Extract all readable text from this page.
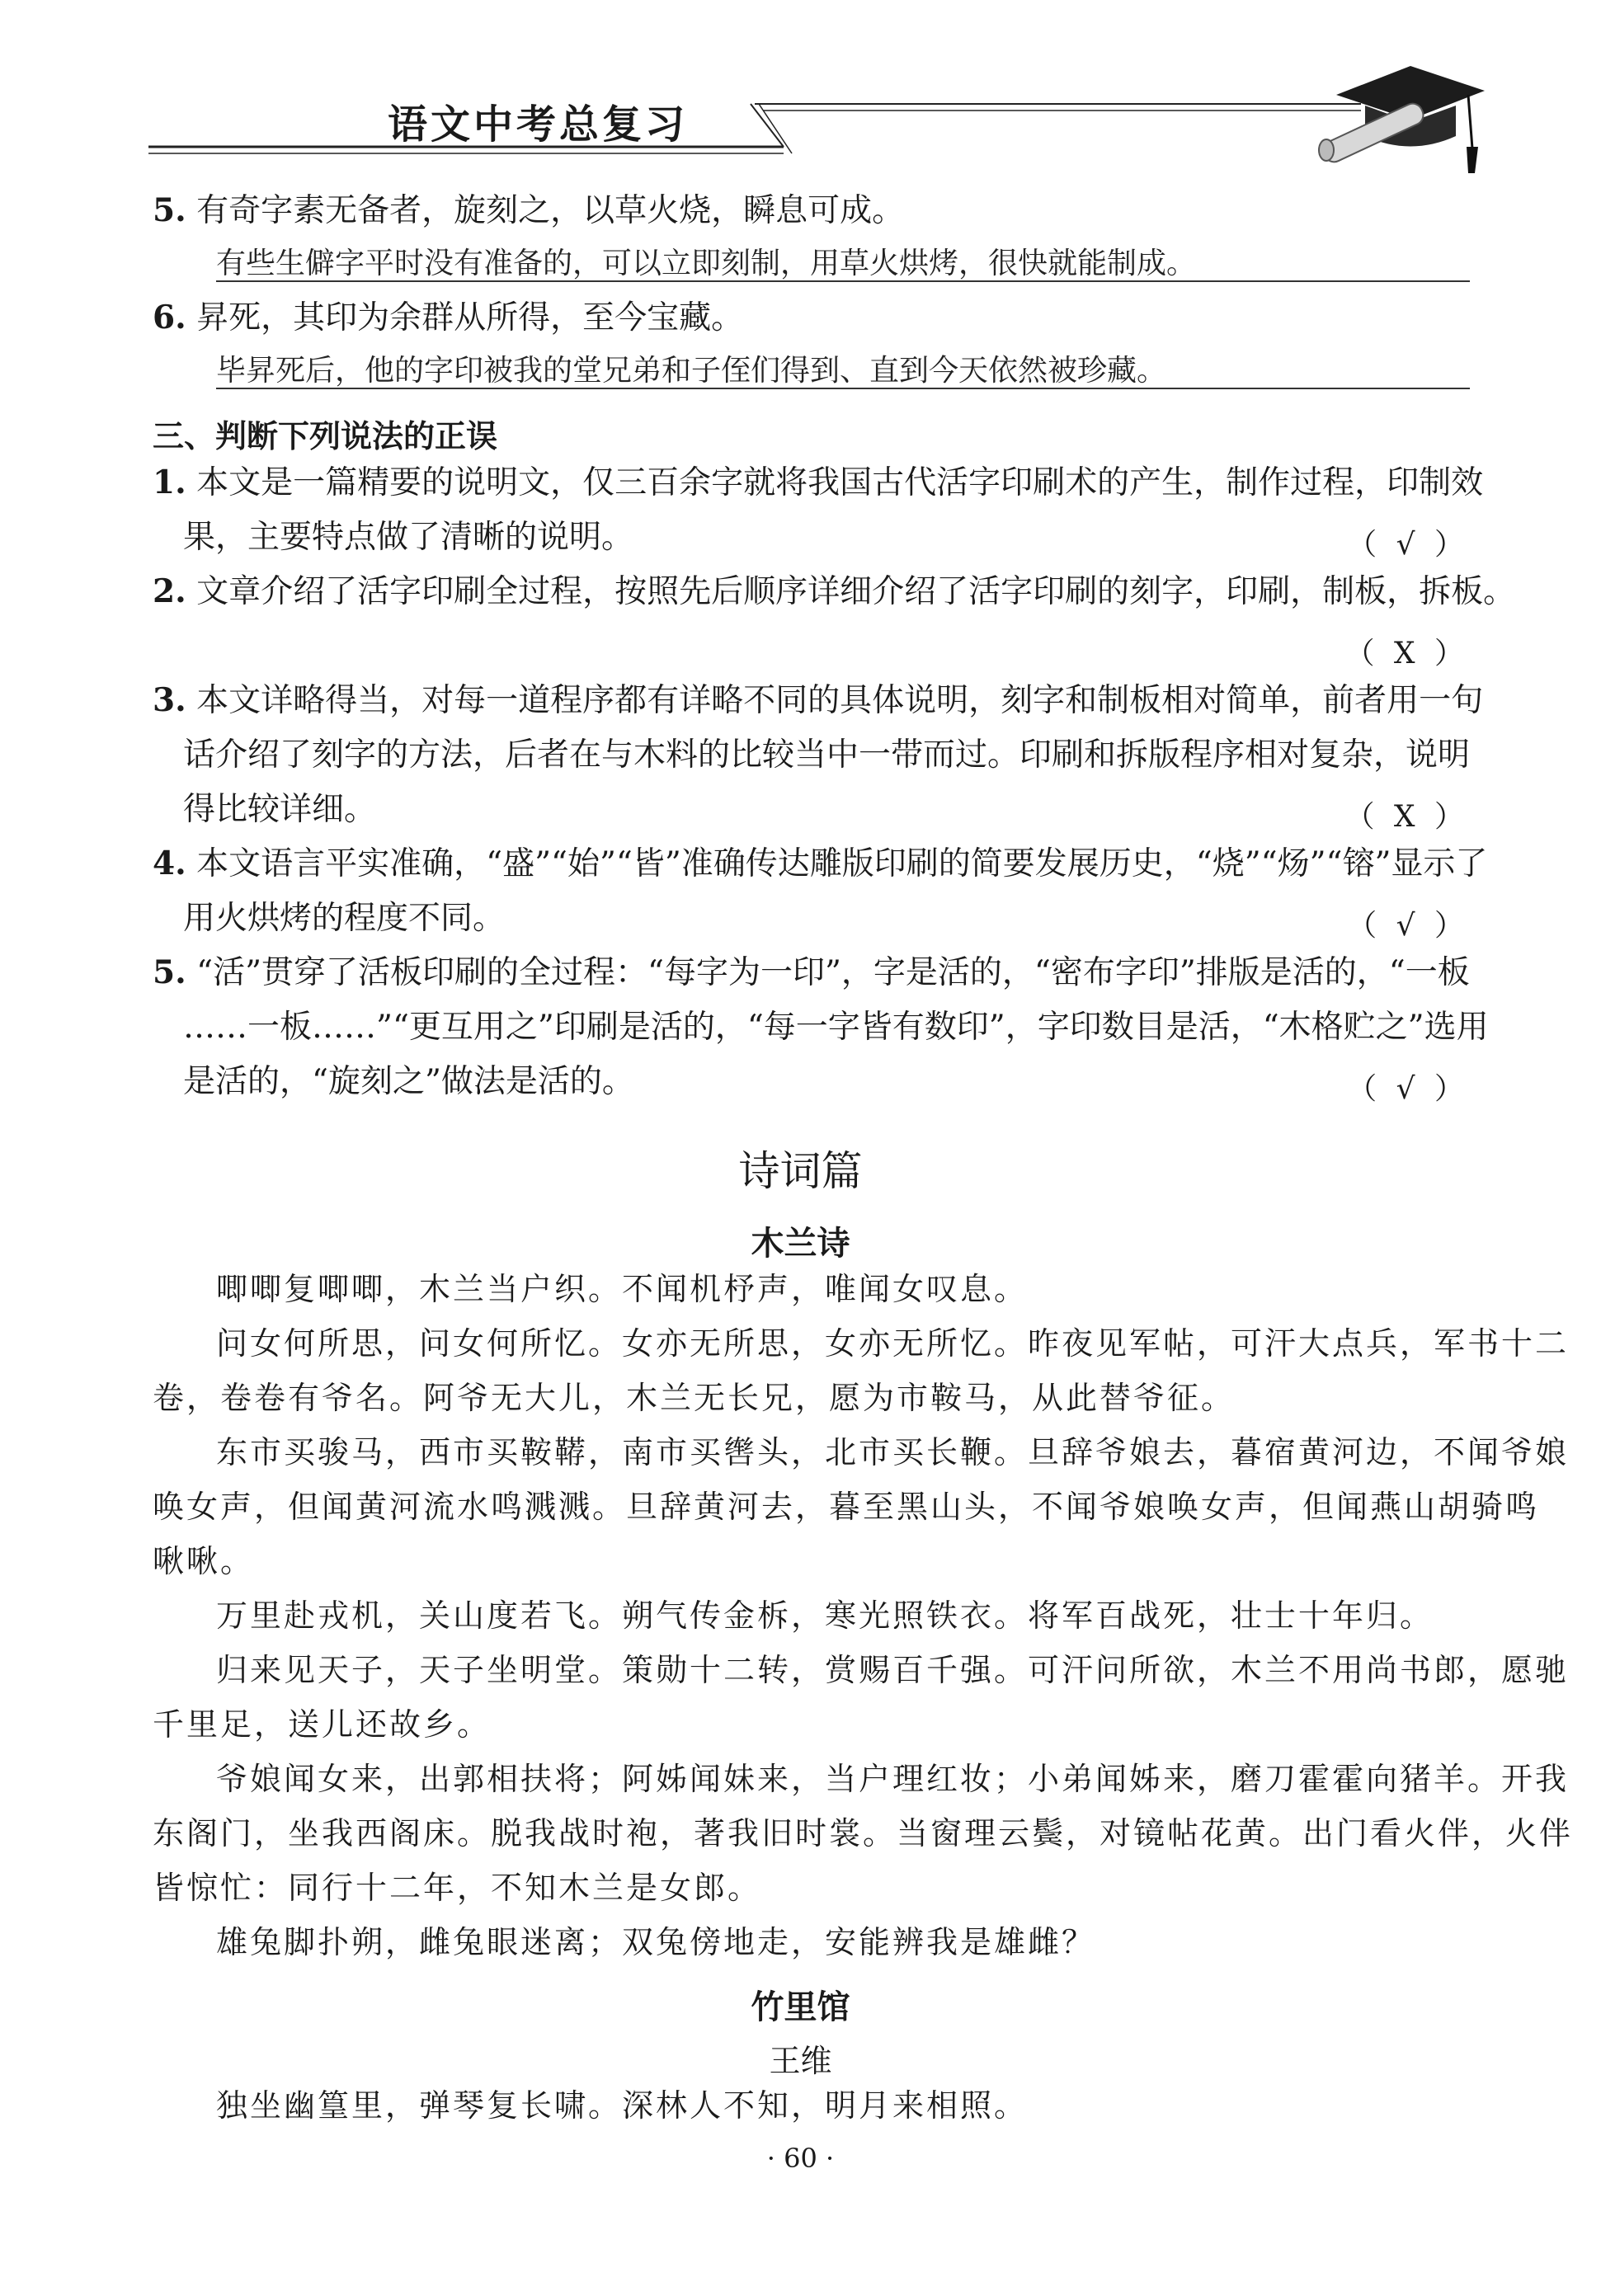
语文中考总复习
5. 有奇字素无备者，旋刻之，以草火烧，瞬息可成。
有些生僻字平时没有准备的，可以立即刻制，用草火烘烤，很快就能制成。
6. 昇死，其印为余群从所得，至今宝藏。
毕昇死后，他的字印被我的堂兄弟和子侄们得到、直到今天依然被珍藏。
三、判断下列说法的正误
1. 本文是一篇精要的说明文，仅三百余字就将我国古代活字印刷术的产生，制作过程，印制效
果，主要特点做了清晰的说明。	（ √ ）
2. 文章介绍了活字印刷全过程，按照先后顺序详细介绍了活字印刷的刻字，印刷，制板，拆板。
（ X ）
3. 本文详略得当，对每一道程序都有详略不同的具体说明，刻字和制板相对简单，前者用一句
话介绍了刻字的方法，后者在与木料的比较当中一带而过。印刷和拆版程序相对复杂，说明
得比较详细。	（ X ）
4. 本文语言平实准确，“盛”“始”“皆”准确传达雕版印刷的简要发展历史，“烧”“炀”“镕”显示了
用火烘烤的程度不同。	（ √ ）
5. “活”贯穿了活板印刷的全过程：“每字为一印”，字是活的，“密布字印”排版是活的，“一板
……一板……”“更互用之”印刷是活的，“每一字皆有数印”，字印数目是活，“木格贮之”选用
是活的，“旋刻之”做法是活的。	（ √ ）
诗词篇
木兰诗
唧唧复唧唧，木兰当户织。不闻机杼声，唯闻女叹息。
问女何所思，问女何所忆。女亦无所思，女亦无所忆。昨夜见军帖，可汗大点兵，军书十二
卷，卷卷有爷名。阿爷无大儿，木兰无长兄，愿为市鞍马，从此替爷征。
东市买骏马，西市买鞍鞯，南市买辔头，北市买长鞭。旦辞爷娘去，暮宿黄河边，不闻爷娘
唤女声，但闻黄河流水鸣溅溅。旦辞黄河去，暮至黑山头，不闻爷娘唤女声，但闻燕山胡骑鸣
啾啾。
万里赴戎机，关山度若飞。朔气传金柝，寒光照铁衣。将军百战死，壮士十年归。
归来见天子，天子坐明堂。策勋十二转，赏赐百千强。可汗问所欲，木兰不用尚书郎，愿驰
千里足，送儿还故乡。
爷娘闻女来，出郭相扶将；阿姊闻妹来，当户理红妆；小弟闻姊来，磨刀霍霍向猪羊。开我
东阁门，坐我西阁床。脱我战时袍，著我旧时裳。当窗理云鬓，对镜帖花黄。出门看火伴，火伴
皆惊忙：同行十二年，不知木兰是女郎。
雄兔脚扑朔，雌兔眼迷离；双兔傍地走，安能辨我是雄雌？
竹里馆
王维
独坐幽篁里，弹琴复长啸。深林人不知，明月来相照。
· 60 ·
